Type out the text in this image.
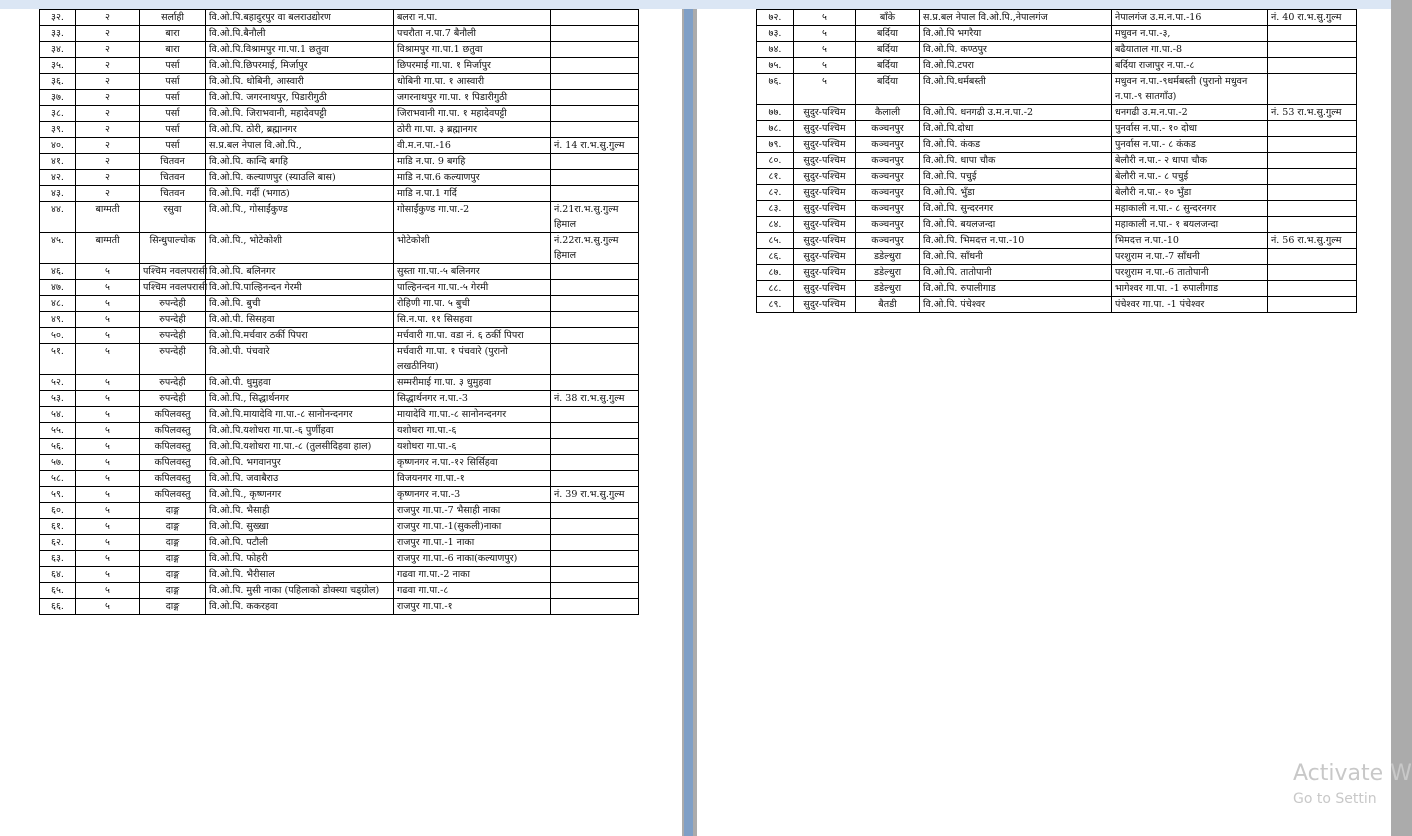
३२.	२	सर्लाही	वि.ओ.पि.बहादुरपुर वा बलराउद्योरण	बलरा न.पा.	
३३.	२	बारा	वि.ओ.पि.बैनौली	पचरौता न.पा.7 बैनौली	
३४.	२	बारा	वि.ओ.पि.विश्रामपुर गा.पा.1 छतुवा	विश्रामपुर गा.पा.1 छतुवा	
३५.	२	पर्सा	वि.ओ.पि.छिपरमाई, मिर्जापुर	छिपरमाई गा.पा. १ मिर्जापुर	
३६.	२	पर्सा	वि.ओ.पि. धोबिनी, आस्वारी	धोबिनी गा.पा. १ आस्वारी	
३७.	२	पर्सा	वि.ओ.पि. जगरनाथपुर, पिडारीगुठी	जगरनाथपुर गा.पा. १ पिडारीगुठी	
३८.	२	पर्सा	वि.ओ.पि. जिराभवानी, महादेवपट्टी	जिराभवानी गा.पा. १ महादेवपट्टी	
३९.	२	पर्सा	वि.ओ.पि. ठोरी, ब्रह्मानगर	ठोरी गा.पा. ३ ब्रह्मानगर	
४०.	२	पर्सा	स.प्र.बल नेपाल वि.ओ.पि.,	वी.म.न.पा.-16	नं. 14 रा.भ.सु.गुल्म
४१.	२	चितवन	वि.ओ.पि. कान्दि बगहि	माडि न.पा. 9 बगहि	
४२.	२	चितवन	वि.ओ.पि. कल्याणपुर (स्याउलि बास)	माडि न.पा.6 कल्याणपुर	
४३.	२	चितवन	वि.ओ.पि. गर्दी (भगाठ)	माडि न.पा.1 गर्दि	
४४.	बाग्मती	रसुवा	वि.ओ.पि., गोसाईंकुण्ड	गोसाईंकुण्ड गा.पा.-2	नं.21रा.भ.सु.गुल्म हिमाल
४५.	बाग्मती	सिन्धुपाल्चोक	वि.ओ.पि., भोटेकोशी	भोटेकोशी	नं.22रा.भ.सु.गुल्म हिमाल
४६.	५	पश्चिम नवलपरासी	वि.ओ.पि. बलिनगर	सुस्ता गा.पा.-५ बलिनगर	
४७.	५	पश्चिम नवलपरासी	वि.ओ.पि.पाल्हिनन्दन गेरमी	पाल्हिनन्दन गा.पा.-५ गेरमी	
४८.	५	रुपन्देही	वि.ओ.पि. बुची	रोहिणी गा.पा. ५ बुची	
४९.	५	रुपन्देही	वि.ओ.पी. सिसहवा	सि.न.पा. ११ सिसहवा	
५०.	५	रुपन्देही	वि.ओ.पि.मर्चवार ठर्की पिपरा	मर्चवारी गा.पा. वडा नं. ६ ठर्की पिपरा	
५१.	५	रुपन्देही	वि.ओ.पी. पंचवारे	मर्चवारी गा.पा. १ पंचवारे (पुरानो लखठीनिया)	
५२.	५	रुपन्देही	वि.ओ.पी. धुमुहवा	सम्मरीमाई गा.पा. ३ धुमुहवा	
५३.	५	रुपन्देही	वि.ओ.पि., सिद्धार्थनगर	सिद्धार्थनगर न.पा.-3	नं. 38 रा.भ.सु.गुल्म
५४.	५	कपिलवस्तु	वि.ओ.पि.मायादेवि गा.पा.-८ सानोनन्दनगर	मायादेवि गा.पा.-८ सानोनन्दनगर	
५५.	५	कपिलवस्तु	वि.ओ.पि.यशोधरा गा.पा.-६ पुर्णीहवा	यशोधरा गा.पा.-६	
५६.	५	कपिलवस्तु	वि.ओ.पि.यशोधरा गा.पा.-८ (तुलसीदिहवा हाल)	यशोधरा गा.पा.-६	
५७.	५	कपिलवस्तु	वि.ओ.पि. भगवानपुर	कृष्णनगर न.पा.-१२ सिर्सिहवा	
५८.	५	कपिलवस्तु	वि.ओ.पि. जवाबैराउ	विजयनगर गा.पा.-१	
५९.	५	कपिलवस्तु	वि.ओ.पि., कृष्णनगर	कृष्णनगर न.पा.-3	नं. 39 रा.भ.सु.गुल्म
६०.	५	दाङ्ग	वि.ओ.पि. भैसाही	राजपुर गा.पा.-7 भैसाही नाका	
६१.	५	दाङ्ग	वि.ओ.पि. सुख्खा	राजपुर गा.पा.-1(सुकली)नाका	
६२.	५	दाङ्ग	वि.ओ.पि. पटौली	राजपुर गा.पा.-1 नाका	
६३.	५	दाङ्ग	वि.ओ.पि. फोहरी	राजपुर गा.पा.-6 नाका(कल्याणपुर)	
६४.	५	दाङ्ग	वि.ओ.पि. भैरीसाल	गढवा गा.पा.-2 नाका	
६५.	५	दाङ्ग	वि.ओ.पि. मुसी नाका (पहिलाको डोक्स्या चड्ग्रोल)	गढवा गा.पा.-८	
६६.	५	दाङ्ग	वि.ओ.पि. ककरहवा	राजपुर गा.पा.-१	
७२.	५	बाँके	स.प्र.बल नेपाल वि.ओ.पि.,नेपालगंज	नेपालगंज उ.म.न.पा.-16	नं. 40 रा.भ.सु.गुल्म
७३.	५	बर्दिया	वि.ओ.पि भगरैया	मधुवन न.पा.-३,	
७४.	५	बर्दिया	वि.ओ.पि. कण्ठपुर	बढैयाताल गा.पा.-8	
७५.	५	बर्दिया	वि.ओ.पि.टपरा	बर्दिया राजापुर न.पा.-८	
७६.	५	बर्दिया	वि.ओ.पि.धर्मबस्ती	मधुवन न.पा.-९धर्मबस्ती (पुरानो मधुवन न.पा.-९ सातगाँउ)	
७७.	सुदुर-पश्चिम	कैलाली	वि.ओ.पि. धनगढी उ.म.न.पा.-2	धनगढी उ.म.न.पा.-2	नं. 53 रा.भ.सु.गुल्म
७८.	सुदुर-पश्चिम	कञ्चनपुर	वि.ओ.पि.दोधा	पुनर्वास न.पा.- १० दोधा	
७९.	सुदुर-पश्चिम	कञ्चनपुर	वि.ओ.पि. कंकड	पुनर्वास न.पा.- ८ कंकड	
८०.	सुदुर-पश्चिम	कञ्चनपुर	वि.ओ.पि. धापा चौक	बेलौरी न.पा.- २ धापा चौक	
८१.	सुदुर-पश्चिम	कञ्चनपुर	वि.ओ.पि. पचुई	बेलौरी न.पा.- ८ पचुई	
८२.	सुदुर-पश्चिम	कञ्चनपुर	वि.ओ.पि. भुँडा	बेलौरी न.पा.- १० भुँडा	
८३.	सुदुर-पश्चिम	कञ्चनपुर	वि.ओ.पि. सुन्दरनगर	महाकाली न.पा.- ८ सुन्दरनगर	
८४.	सुदुर-पश्चिम	कञ्चनपुर	वि.ओ.पि. बयलजन्दा	महाकाली न.पा.- १ बयलजन्दा	
८५.	सुदुर-पश्चिम	कञ्चनपुर	वि.ओ.पि. भिमदत्त न.पा.-10	भिमदत्त न.पा.-10	नं. 56 रा.भ.सु.गुल्म
८६.	सुदुर-पश्चिम	डडेल्धुरा	वि.ओ.पि. साँधनी	परशुराम न.पा.-7 साँधनी	
८७.	सुदुर-पश्चिम	डडेल्धुरा	वि.ओ.पि. तातोपानी	परशुराम न.पा.-6 तातोपानी	
८८.	सुदुर-पश्चिम	डडेल्धुरा	वि.ओ.पि. रुपालीगाड	भागेश्वर गा.पा. -1 रुपालीगाड	
८९.	सुदुर-पश्चिम	बैतडी	वि.ओ.पि. पंचेश्वर	पंचेश्वर गा.पा. -1 पंचेश्वर	
Activate W
Go to Settin
